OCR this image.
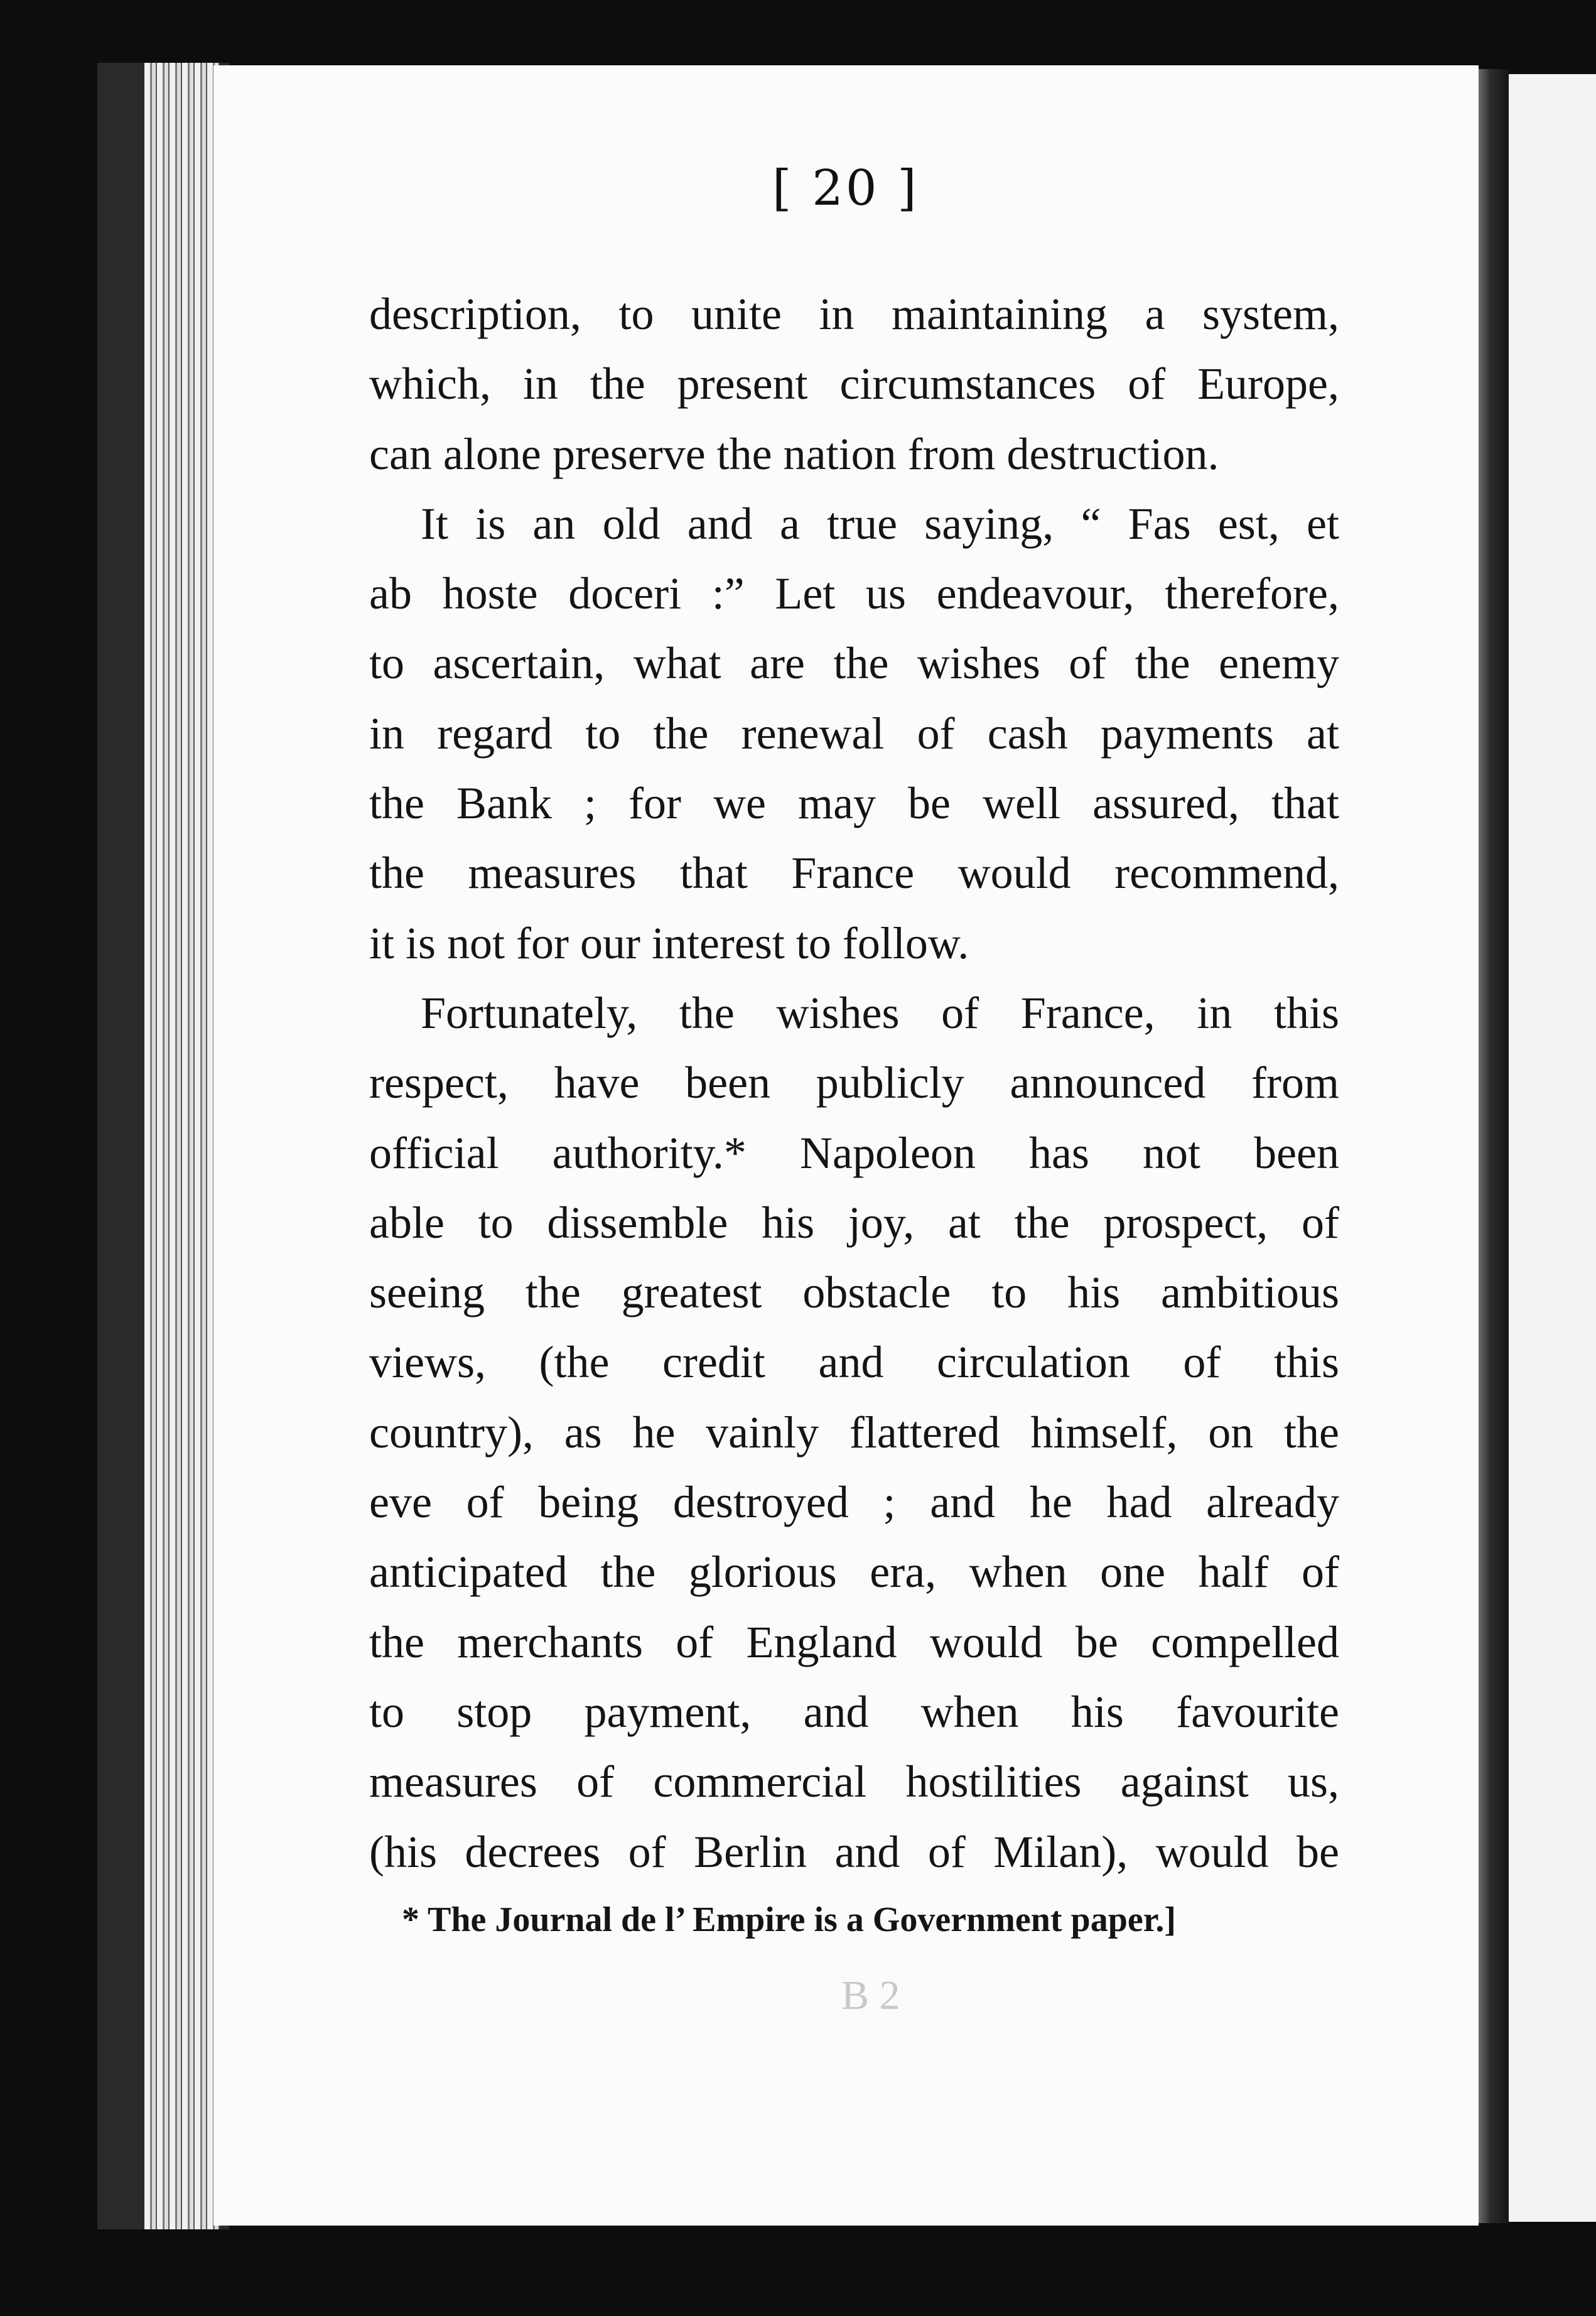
[ 20 ]
description, to unite in maintaining a system,
which, in the present circumstances of Europe,
can alone preserve the nation from destruction.
It is an old and a true saying, “ Fas est, et
ab hoste doceri :” Let us endeavour, therefore,
to ascertain, what are the wishes of the enemy
in regard to the renewal of cash payments at
the Bank ; for we may be well assured, that
the measures that France would recommend,
it is not for our interest to follow.
Fortunately, the wishes of France, in this
respect, have been publicly announced from
official authority.* Napoleon has not been
able to dissemble his joy, at the prospect, of
seeing the greatest obstacle to his ambitious
views, (the credit and circulation of this
country), as he vainly flattered himself, on the
eve of being destroyed ; and he had already
anticipated the glorious era, when one half of
the merchants of England would be compelled
to stop payment, and when his favourite
measures of commercial hostilities against us,
(his decrees of Berlin and of Milan), would be
* The Journal de l’ Empire is a Government paper.]
B 2
